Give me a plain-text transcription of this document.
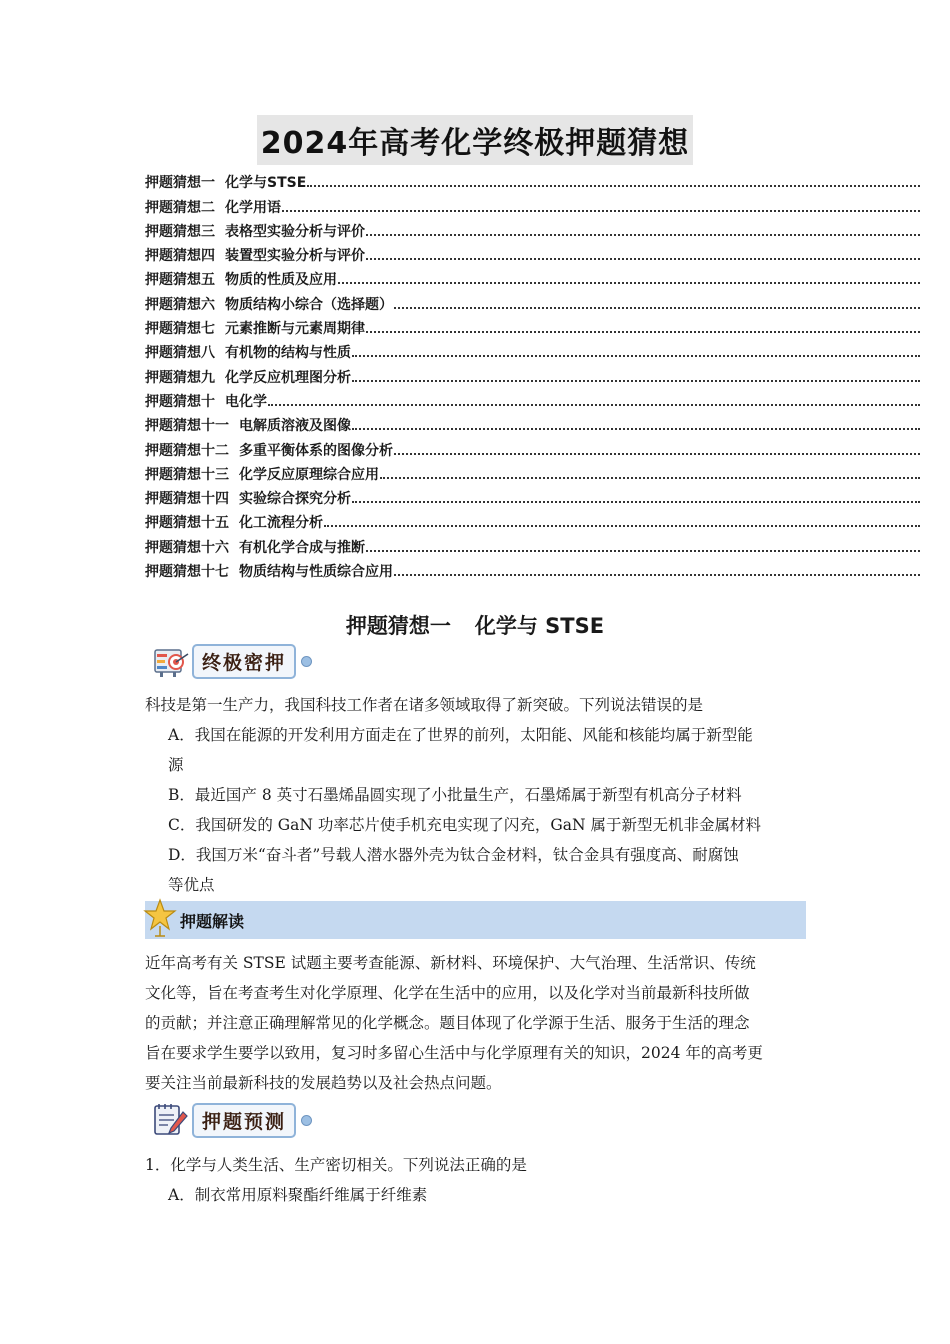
2024年高考化学终极押题猜想
押题猜想一 化学与STSE
押题猜想二 化学用语
押题猜想三 表格型实验分析与评价
押题猜想四 装置型实验分析与评价
押题猜想五 物质的性质及应用
押题猜想六 物质结构小综合（选择题）
押题猜想七 元素推断与元素周期律
押题猜想八 有机物的结构与性质
押题猜想九 化学反应机理图分析
押题猜想十 电化学
押题猜想十一 电解质溶液及图像
押题猜想十二 多重平衡体系的图像分析
押题猜想十三 化学反应原理综合应用
押题猜想十四 实验综合探究分析
押题猜想十五 化工流程分析
押题猜想十六 有机化学合成与推断
押题猜想十七 物质结构与性质综合应用
押题猜想一 化学与 STSE
终极密押
科技是第一生产力，我国科技工作者在诸多领域取得了新突破。下列说法错误的是
A．我国在能源的开发利用方面走在了世界的前列，太阳能、风能和核能均属于新型能
源
B．最近国产 8 英寸石墨烯晶圆实现了小批量生产，石墨烯属于新型有机高分子材料
C．我国研发的 GaN 功率芯片使手机充电实现了闪充，GaN 属于新型无机非金属材料
D．我国万米“奋斗者”号载人潜水器外壳为钛合金材料，钛合金具有强度高、耐腐蚀
等优点
押题解读
近年高考有关 STSE 试题主要考查能源、新材料、环境保护、大气治理、生活常识、传统
文化等，旨在考查考生对化学原理、化学在生活中的应用，以及化学对当前最新科技所做
的贡献；并注意正确理解常见的化学概念。题目体现了化学源于生活、服务于生活的理念
旨在要求学生要学以致用，复习时多留心生活中与化学原理有关的知识，2024 年的高考更
要关注当前最新科技的发展趋势以及社会热点问题。
押题预测
1．化学与人类生活、生产密切相关。下列说法正确的是
A．制衣常用原料聚酯纤维属于纤维素
